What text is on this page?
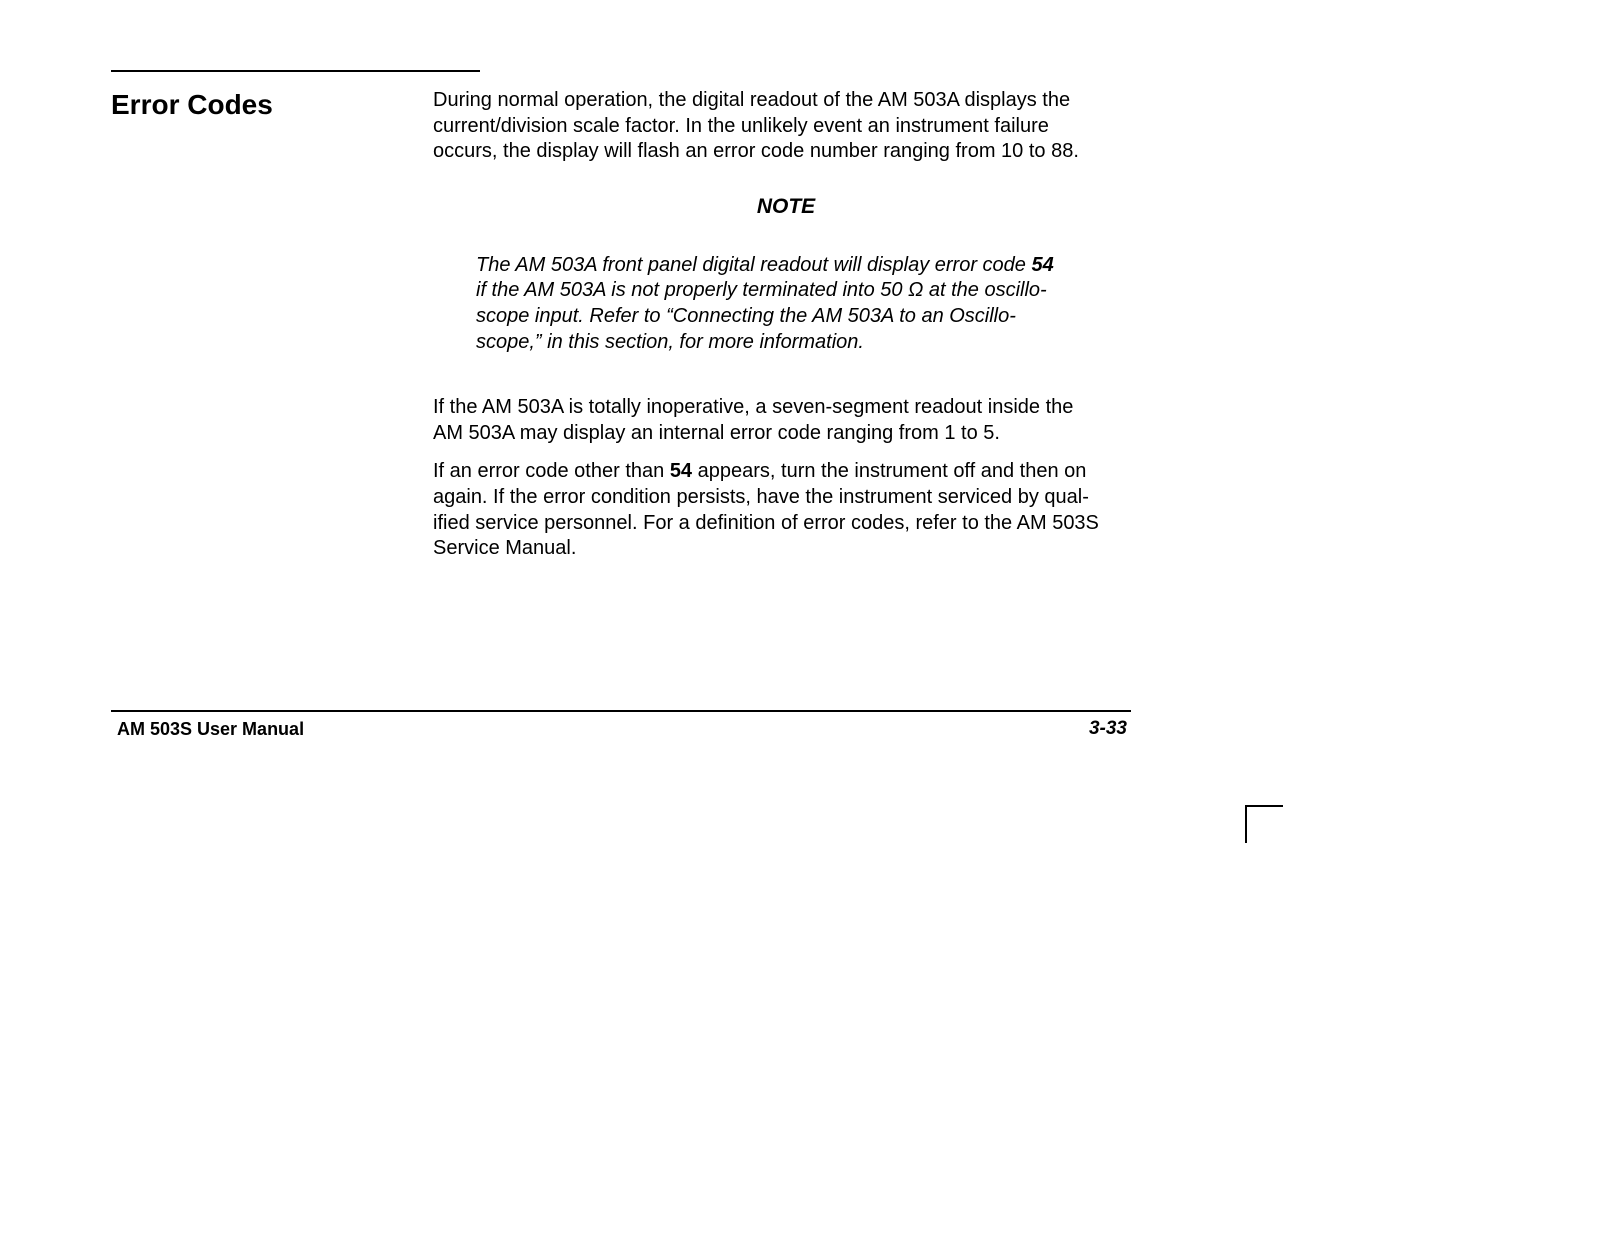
Error Codes	During normal operation, the digital readout of the AM 503A displays the
current/division scale factor. In the unlikely event an instrument failure
occurs, the display will flash an error code number ranging from 10 to 88.

NOTE

The AM 503A front panel digital readout will display error code 54
if the AM 503A is not properly terminated into 50 Ω at the oscillo-
scope input. Refer to “Connecting the AM 503A to an Oscillo-
scope,” in this section, for more information.

If the AM 503A is totally inoperative, a seven-segment readout inside the
AM 503A may display an internal error code ranging from 1 to 5.

If an error code other than 54 appears, turn the instrument off and then on
again. If the error condition persists, have the instrument serviced by qual-
ified service personnel. For a definition of error codes, refer to the AM 503S
Service Manual.

AM 503S User Manual	3-33
